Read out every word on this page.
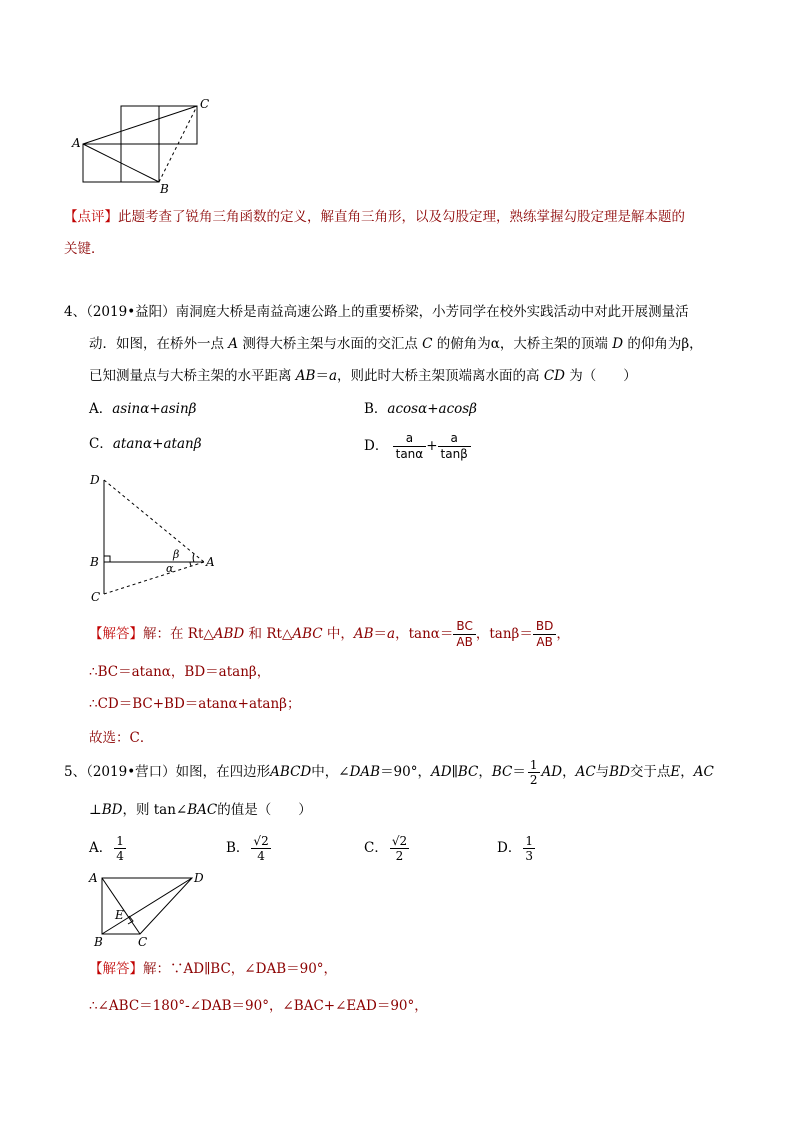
C
A
B
【点评】此题考查了锐角三角函数的定义，解直角三角形，以及勾股定理，熟练掌握勾股定理是解本题的
关键．
4、（2019•益阳）南洞庭大桥是南益高速公路上的重要桥梁，小芳同学在校外实践活动中对此开展测量活
动．如图，在桥外一点 A 测得大桥主架与水面的交汇点 C 的俯角为α，大桥主架的顶端 D 的仰角为β，
已知测量点与大桥主架的水平距离 AB＝a，则此时大桥主架顶端离水面的高 CD 为（　　）
A．asinα+asinβ	B．acosα+acosβ
C．atanα+atanβ	D． $\frac{a}{\tan\alpha} + \frac{a}{\tan\beta}$
D
B
C
A
β
α
【解答】解：在 Rt△ABD 和 Rt△ABC 中，AB＝a，$\tan\alpha= \frac{BC}{AB}$ ，$\tan\beta= \frac{BD}{AB}$ ，
∴BC＝atanα，BD＝atanβ，
∴CD＝BC+BD＝atanα+atanβ；
故选：C．
5、（2019•营口）如图，在四边形ABCD中，∠DAB＝90°，AD∥BC，$BC= \frac{1}{2}$ AD，AC与BD交于点E，AC
⊥BD，则 tan∠BAC的值是（　　）
A． $\frac{1}{4}$	B． $\frac{√2}{4}$	C． $\frac{√2}{2}$	D． $\frac{1}{3}$
A	D
E
B	C
【解答】解：∵AD∥BC，∠DAB＝90°，
∴∠ABC＝180°-∠DAB＝90°，∠BAC+∠EAD＝90°，
